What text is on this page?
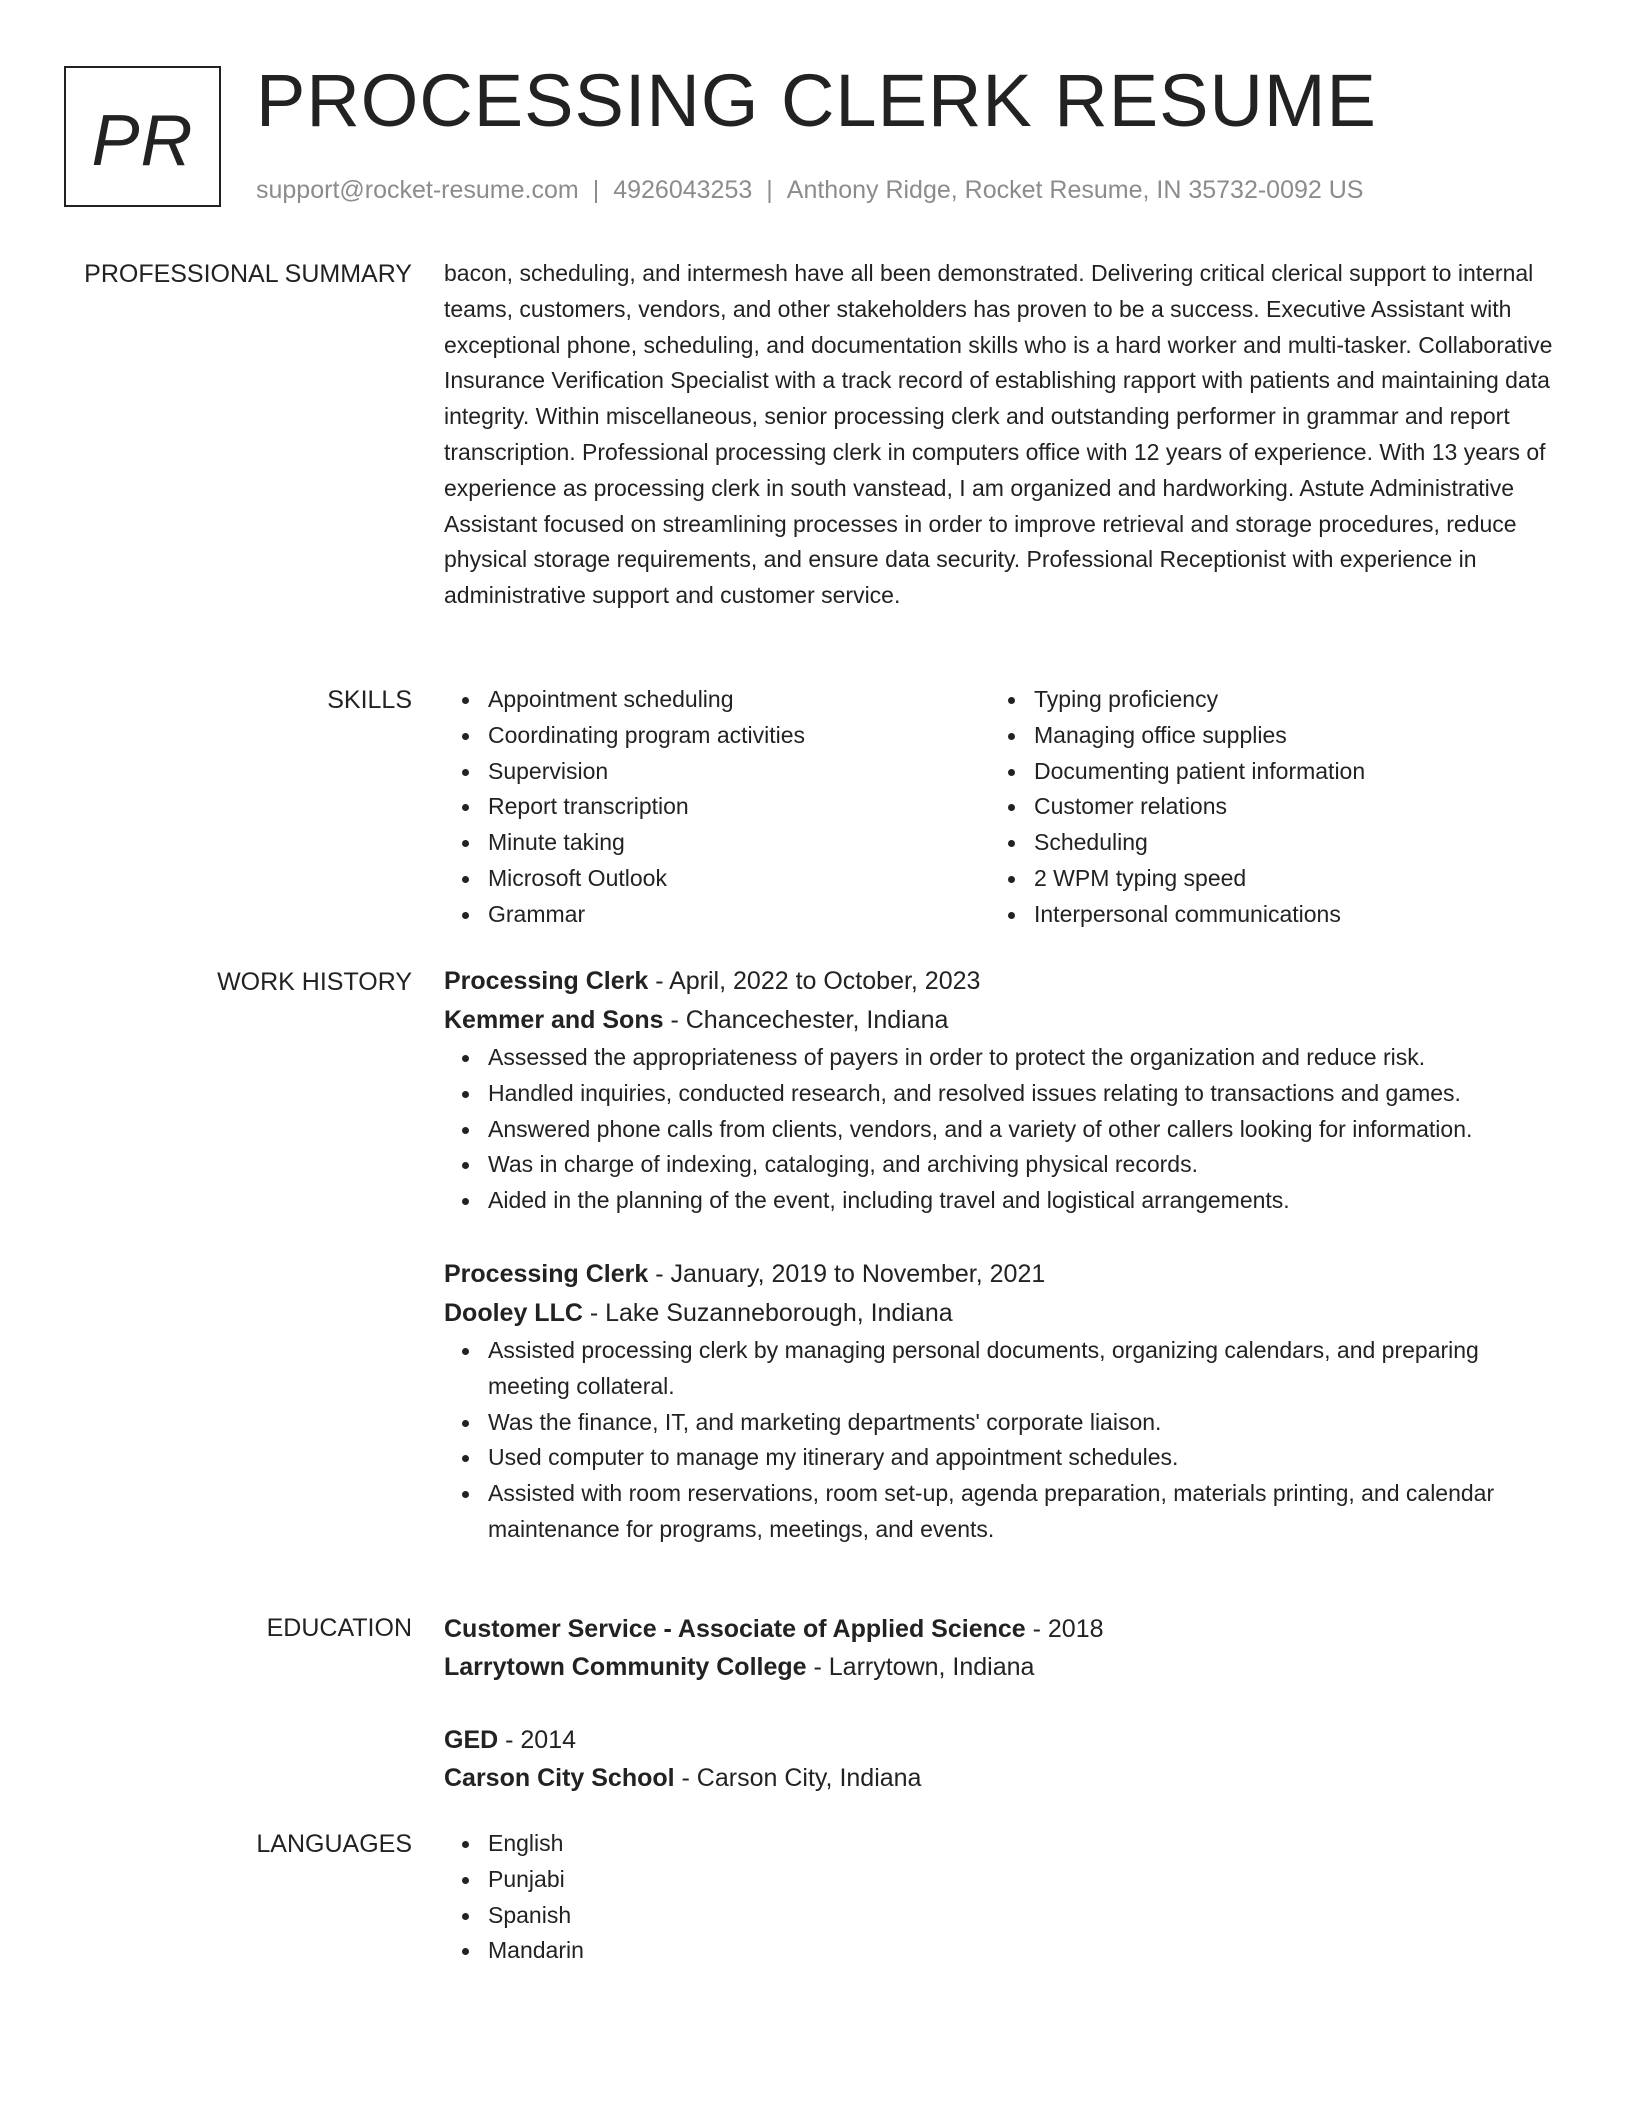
PR PROCESSING CLERK RESUME
support@rocket-resume.com | 4926043253 | Anthony Ridge, Rocket Resume, IN 35732-0092 US
PROFESSIONAL SUMMARY bacon, scheduling, and intermesh have all been demonstrated. Delivering critical clerical support to internal teams, customers, vendors, and other stakeholders has proven to be a success. Executive Assistant with exceptional phone, scheduling, and documentation skills who is a hard worker and multi-tasker. Collaborative Insurance Verification Specialist with a track record of establishing rapport with patients and maintaining data integrity. Within miscellaneous, senior processing clerk and outstanding performer in grammar and report transcription. Professional processing clerk in computers office with 12 years of experience. With 13 years of experience as processing clerk in south vanstead, I am organized and hardworking. Astute Administrative Assistant focused on streamlining processes in order to improve retrieval and storage procedures, reduce physical storage requirements, and ensure data security. Professional Receptionist with experience in administrative support and customer service.

SKILLS	Appointment scheduling
Coordinating program activities
Supervision
Report transcription
Minute taking
Microsoft Outlook
Grammar
Typing proficiency
Managing office supplies
Documenting patient information
Customer relations
Scheduling
2 WPM typing speed
Interpersonal communications
WORK HISTORY Processing Clerk - April, 2022 to October, 2023

Kemmer and Sons - Chancechester, Indiana

Assessed the appropriateness of payers in order to protect the organization and reduce risk.
Handled inquiries, conducted research, and resolved issues relating to transactions and games.
Answered phone calls from clients, vendors, and a variety of other callers looking for information.
Was in charge of indexing, cataloging, and archiving physical records.
Aided in the planning of the event, including travel and logistical arrangements.

Processing Clerk - January, 2019 to November, 2021

Dooley LLC - Lake Suzanneborough, Indiana

Assisted processing clerk by managing personal documents, organizing calendars, and preparing meeting collateral.
Was the finance, IT, and marketing departments' corporate liaison.
Used computer to manage my itinerary and appointment schedules.
Assisted with room reservations, room set-up, agenda preparation, materials printing, and calendar maintenance for programs, meetings, and events.
EDUCATION Customer Service - Associate of Applied Science - 2018

Larrytown Community College - Larrytown, Indiana

GED - 2014

Carson City School - Carson City, Indiana

LANGUAGES	English
Punjabi
Spanish
Mandarin
